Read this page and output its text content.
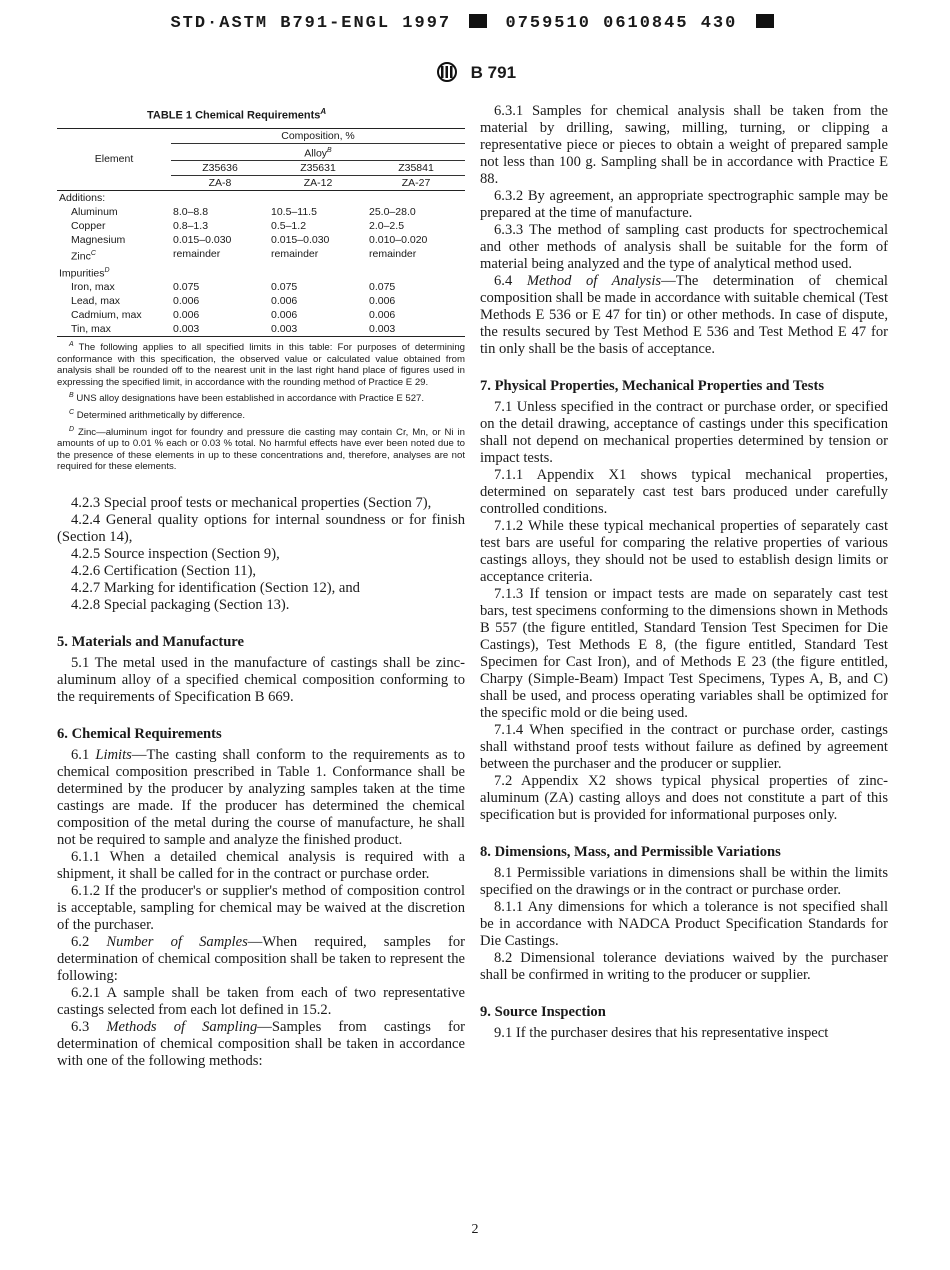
STD·ASTM B791-ENGL 1997	0759510 0610845 430
B 791
TABLE 1 Chemical Requirements$^A$
Element	Composition, %		
	Alloy$^B$
	Z35636	Z35631	Z35841
	ZA-8	ZA-12	ZA-27
Additions:			
Aluminum	8.0–8.8	10.5–11.5	25.0–28.0
Copper	0.8–1.3	0.5–1.2	2.0–2.5
Magnesium	0.015–0.030	0.015–0.030	0.010–0.020
Zinc$^C$	remainder	remainder	remainder
Impurities$^D$			
Iron, max	0.075	0.075	0.075
Lead, max	0.006	0.006	0.006
Cadmium, max	0.006	0.006	0.006
Tin, max	0.003	0.003	0.003

$^A$ The following applies to all specified limits in this table: For purposes of determining conformance with this specification, the observed value or calculated value obtained from analysis shall be rounded off to the nearest unit in the last right hand place of figures used in expressing the specified limit, in accordance with the rounding method of Practice E 29.

$^B$ UNS alloy designations have been established in accordance with Practice E 527.

$^C$ Determined arithmetically by difference.

$^D$ Zinc—aluminum ingot for foundry and pressure die casting may contain Cr, Mn, or Ni in amounts of up to 0.01 % each or 0.03 % total. No harmful effects have ever been noted due to the presence of these elements in up to these concentrations and, therefore, analyses are not required for these elements.

4.2.3 Special proof tests or mechanical properties (Section 7),

4.2.4 General quality options for internal soundness or for finish (Section 14),

4.2.5 Source inspection (Section 9),

4.2.6 Certification (Section 11),

4.2.7 Marking for identification (Section 12), and

4.2.8 Special packaging (Section 13).

5. Materials and Manufacture

5.1 The metal used in the manufacture of castings shall be zinc-aluminum alloy of a specified chemical composition conforming to the requirements of Specification B 669.

6. Chemical Requirements

6.1 Limits—The casting shall conform to the requirements as to chemical composition prescribed in Table 1. Conformance shall be determined by the producer by analyzing samples taken at the time castings are made. If the producer has determined the chemical composition of the metal during the course of manufacture, he shall not be required to sample and analyze the finished product.

6.1.1 When a detailed chemical analysis is required with a shipment, it shall be called for in the contract or purchase order.

6.1.2 If the producer's or supplier's method of composition control is acceptable, sampling for chemical may be waived at the discretion of the purchaser.

6.2 Number of Samples—When required, samples for determination of chemical composition shall be taken to represent the following:

6.2.1 A sample shall be taken from each of two representative castings selected from each lot defined in 15.2.

6.3 Methods of Sampling—Samples from castings for determination of chemical composition shall be taken in accordance with one of the following methods:

6.3.1 Samples for chemical analysis shall be taken from the material by drilling, sawing, milling, turning, or clipping a representative piece or pieces to obtain a weight of prepared sample not less than 100 g. Sampling shall be in accordance with Practice E 88.

6.3.2 By agreement, an appropriate spectrographic sample may be prepared at the time of manufacture.

6.3.3 The method of sampling cast products for spectrochemical and other methods of analysis shall be suitable for the form of material being analyzed and the type of analytical method used.

6.4 Method of Analysis—The determination of chemical composition shall be made in accordance with suitable chemical (Test Methods E 536 or E 47 for tin) or other methods. In case of dispute, the results secured by Test Method E 536 and Test Method E 47 for tin only shall be the basis of acceptance.

7. Physical Properties, Mechanical Properties and Tests

7.1 Unless specified in the contract or purchase order, or specified on the detail drawing, acceptance of castings under this specification shall not depend on mechanical properties determined by tension or impact tests.

7.1.1 Appendix X1 shows typical mechanical properties, determined on separately cast test bars produced under carefully controlled conditions.

7.1.2 While these typical mechanical properties of separately cast test bars are useful for comparing the relative properties of various castings alloys, they should not be used to establish design limits or acceptance criteria.

7.1.3 If tension or impact tests are made on separately cast test bars, test specimens conforming to the dimensions shown in Methods B 557 (the figure entitled, Standard Tension Test Specimen for Die Castings), Test Methods E 8, (the figure entitled, Standard Test Specimen for Cast Iron), and of Methods E 23 (the figure entitled, Charpy (Simple-Beam) Impact Test Specimens, Types A, B, and C) shall be used, and process operating variables shall be optimized for the specific mold or die being used.

7.1.4 When specified in the contract or purchase order, castings shall withstand proof tests without failure as defined by agreement between the purchaser and the producer or supplier.

7.2 Appendix X2 shows typical physical properties of zinc-aluminum (ZA) casting alloys and does not constitute a part of this specification but is provided for informational purposes only.

8. Dimensions, Mass, and Permissible Variations

8.1 Permissible variations in dimensions shall be within the limits specified on the drawings or in the contract or purchase order.

8.1.1 Any dimensions for which a tolerance is not specified shall be in accordance with NADCA Product Specification Standards for Die Castings.

8.2 Dimensional tolerance deviations waived by the purchaser shall be confirmed in writing to the producer or supplier.

9. Source Inspection

9.1 If the purchaser desires that his representative inspect

2
